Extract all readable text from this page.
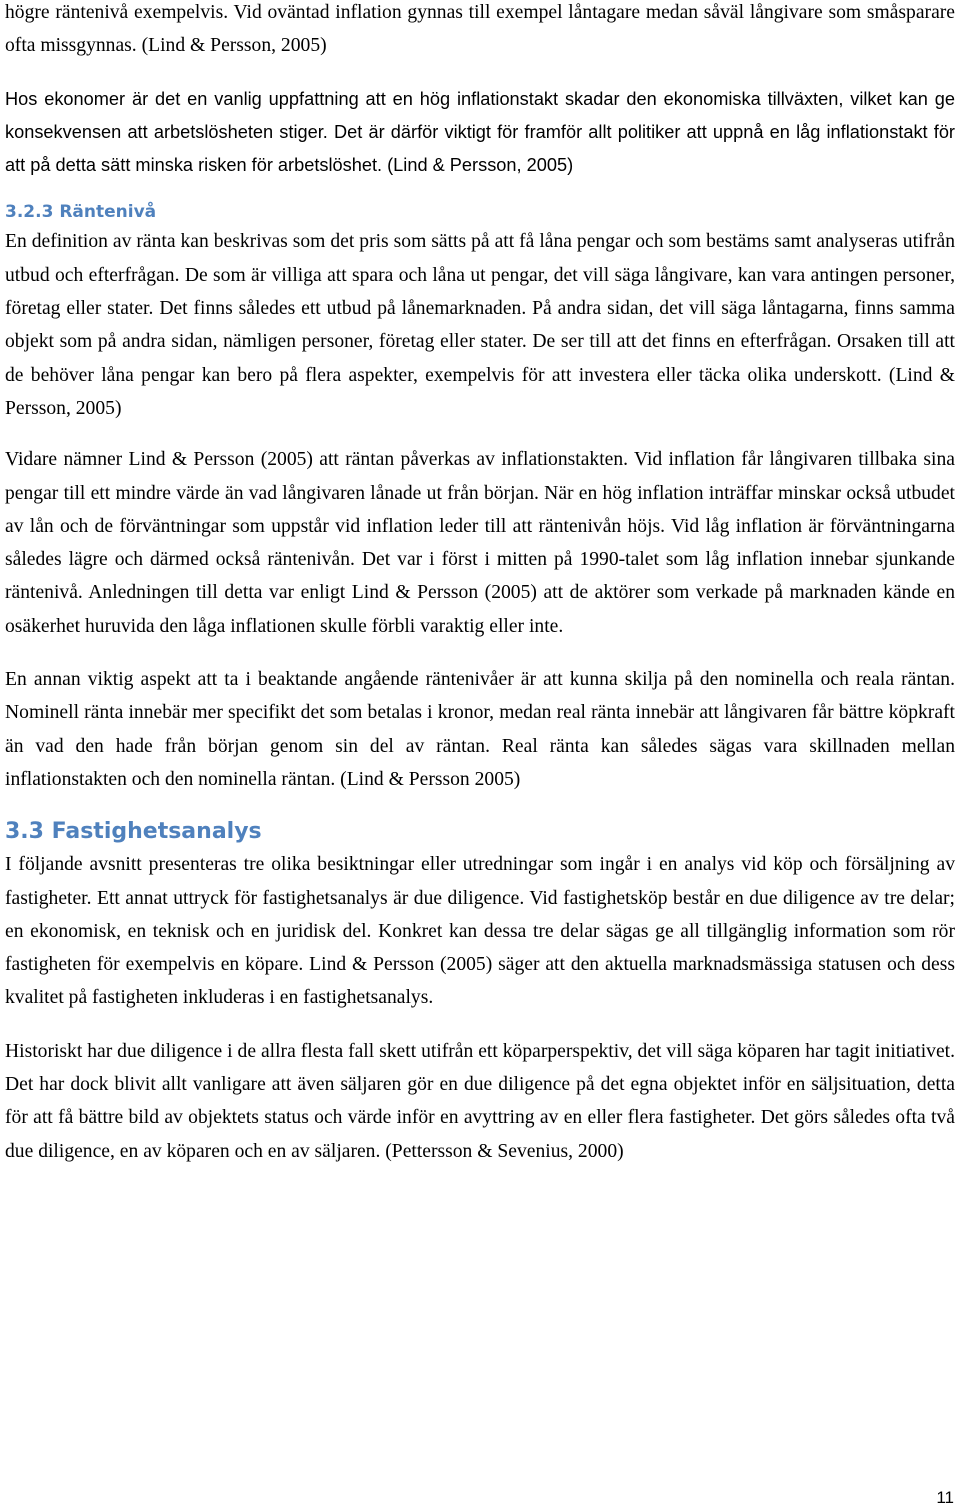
högre räntenivå exempelvis. Vid oväntad inflation gynnas till exempel låntagare medan såväl långivare som småsparare ofta missgynnas. (Lind & Persson, 2005)

Hos ekonomer är det en vanlig uppfattning att en hög inflationstakt skadar den ekonomiska tillväxten, vilket kan ge konsekvensen att arbetslösheten stiger. Det är därför viktigt för framför allt politiker att uppnå en låg inflationstakt för att på detta sätt minska risken för arbetslöshet. (Lind & Persson, 2005)

3.2.3 Räntenivå

En definition av ränta kan beskrivas som det pris som sätts på att få låna pengar och som bestäms samt analyseras utifrån utbud och efterfrågan. De som är villiga att spara och låna ut pengar, det vill säga långivare, kan vara antingen personer, företag eller stater. Det finns således ett utbud på lånemarknaden. På andra sidan, det vill säga låntagarna, finns samma objekt som på andra sidan, nämligen personer, företag eller stater. De ser till att det finns en efterfrågan. Orsaken till att de behöver låna pengar kan bero på flera aspekter, exempelvis för att investera eller täcka olika underskott. (Lind & Persson, 2005)

Vidare nämner Lind & Persson (2005) att räntan påverkas av inflationstakten. Vid inflation får långivaren tillbaka sina pengar till ett mindre värde än vad långivaren lånade ut från början. När en hög inflation inträffar minskar också utbudet av lån och de förväntningar som uppstår vid inflation leder till att räntenivån höjs. Vid låg inflation är förväntningarna således lägre och därmed också räntenivån. Det var i först i mitten på 1990-talet som låg inflation innebar sjunkande räntenivå. Anledningen till detta var enligt Lind & Persson (2005) att de aktörer som verkade på marknaden kände en osäkerhet huruvida den låga inflationen skulle förbli varaktig eller inte.

En annan viktig aspekt att ta i beaktande angående räntenivåer är att kunna skilja på den nominella och reala räntan. Nominell ränta innebär mer specifikt det som betalas i kronor, medan real ränta innebär att långivaren får bättre köpkraft än vad den hade från början genom sin del av räntan. Real ränta kan således sägas vara skillnaden mellan inflationstakten och den nominella räntan. (Lind & Persson 2005)

3.3 Fastighetsanalys

I följande avsnitt presenteras tre olika besiktningar eller utredningar som ingår i en analys vid köp och försäljning av fastigheter. Ett annat uttryck för fastighetsanalys är due diligence. Vid fastighetsköp består en due diligence av tre delar; en ekonomisk, en teknisk och en juridisk del. Konkret kan dessa tre delar sägas ge all tillgänglig information som rör fastigheten för exempelvis en köpare. Lind & Persson (2005) säger att den aktuella marknadsmässiga statusen och dess kvalitet på fastigheten inkluderas i en fastighetsanalys.

Historiskt har due diligence i de allra flesta fall skett utifrån ett köparperspektiv, det vill säga köparen har tagit initiativet. Det har dock blivit allt vanligare att även säljaren gör en due diligence på det egna objektet inför en säljsituation, detta för att få bättre bild av objektets status och värde inför en avyttring av en eller flera fastigheter. Det görs således ofta två due diligence, en av köparen och en av säljaren. (Pettersson & Sevenius, 2000)

11
